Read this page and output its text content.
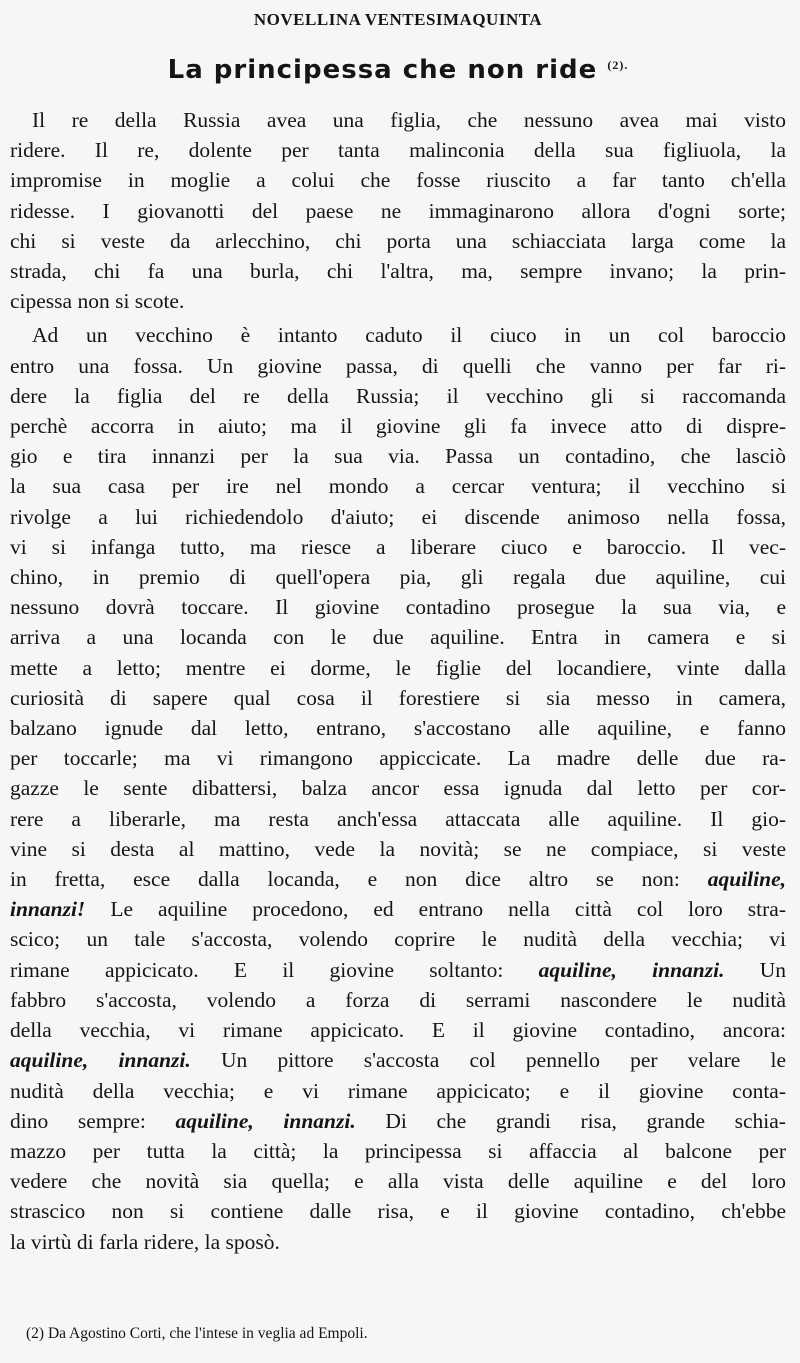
NOVELLINA VENTESIMAQUINTA
La principessa che non ride $^{(2).}$
Il re della Russia avea una figlia, che nessuno avea mai visto
ridere. Il re, dolente per tanta malinconia della sua figliuola, la
impromise in moglie a colui che fosse riuscito a far tanto ch'ella
ridesse. I giovanotti del paese ne immaginarono allora d'ogni sorte;
chi si veste da arlecchino, chi porta una schiacciata larga come la
strada, chi fa una burla, chi l'altra, ma, sempre invano; la prin-
cipessa non si scote.
Ad un vecchino è intanto caduto il ciuco in un col baroccio
entro una fossa. Un giovine passa, di quelli che vanno per far ri-
dere la figlia del re della Russia; il vecchino gli si raccomanda
perchè accorra in aiuto; ma il giovine gli fa invece atto di dispre-
gio e tira innanzi per la sua via. Passa un contadino, che lasciò
la sua casa per ire nel mondo a cercar ventura; il vecchino si
rivolge a lui richiedendolo d'aiuto; ei discende animoso nella fossa,
vi si infanga tutto, ma riesce a liberare ciuco e baroccio. Il vec-
chino, in premio di quell'opera pia, gli regala due aquiline, cui
nessuno dovrà toccare. Il giovine contadino prosegue la sua via, e
arriva a una locanda con le due aquiline. Entra in camera e si
mette a letto; mentre ei dorme, le figlie del locandiere, vinte dalla
curiosità di sapere qual cosa il forestiere si sia messo in camera,
balzano ignude dal letto, entrano, s'accostano alle aquiline, e fanno
per toccarle; ma vi rimangono appiccicate. La madre delle due ra-
gazze le sente dibattersi, balza ancor essa ignuda dal letto per cor-
rere a liberarle, ma resta anch'essa attaccata alle aquiline. Il gio-
vine si desta al mattino, vede la novità; se ne compiace, si veste
in fretta, esce dalla locanda, e non dice altro se non: aquiline,
innanzi! Le aquiline procedono, ed entrano nella città col loro stra-
scico; un tale s'accosta, volendo coprire le nudità della vecchia; vi
rimane appicicato. E il giovine soltanto: aquiline, innanzi. Un
fabbro s'accosta, volendo a forza di serrami nascondere le nudità
della vecchia, vi rimane appicicato. E il giovine contadino, ancora:
aquiline, innanzi. Un pittore s'accosta col pennello per velare le
nudità della vecchia; e vi rimane appicicato; e il giovine conta-
dino sempre: aquiline, innanzi. Di che grandi risa, grande schia-
mazzo per tutta la città; la principessa si affaccia al balcone per
vedere che novità sia quella; e alla vista delle aquiline e del loro
strascico non si contiene dalle risa, e il giovine contadino, ch'ebbe
la virtù di farla ridere, la sposò.
(2) Da Agostino Corti, che l'intese in veglia ad Empoli.
